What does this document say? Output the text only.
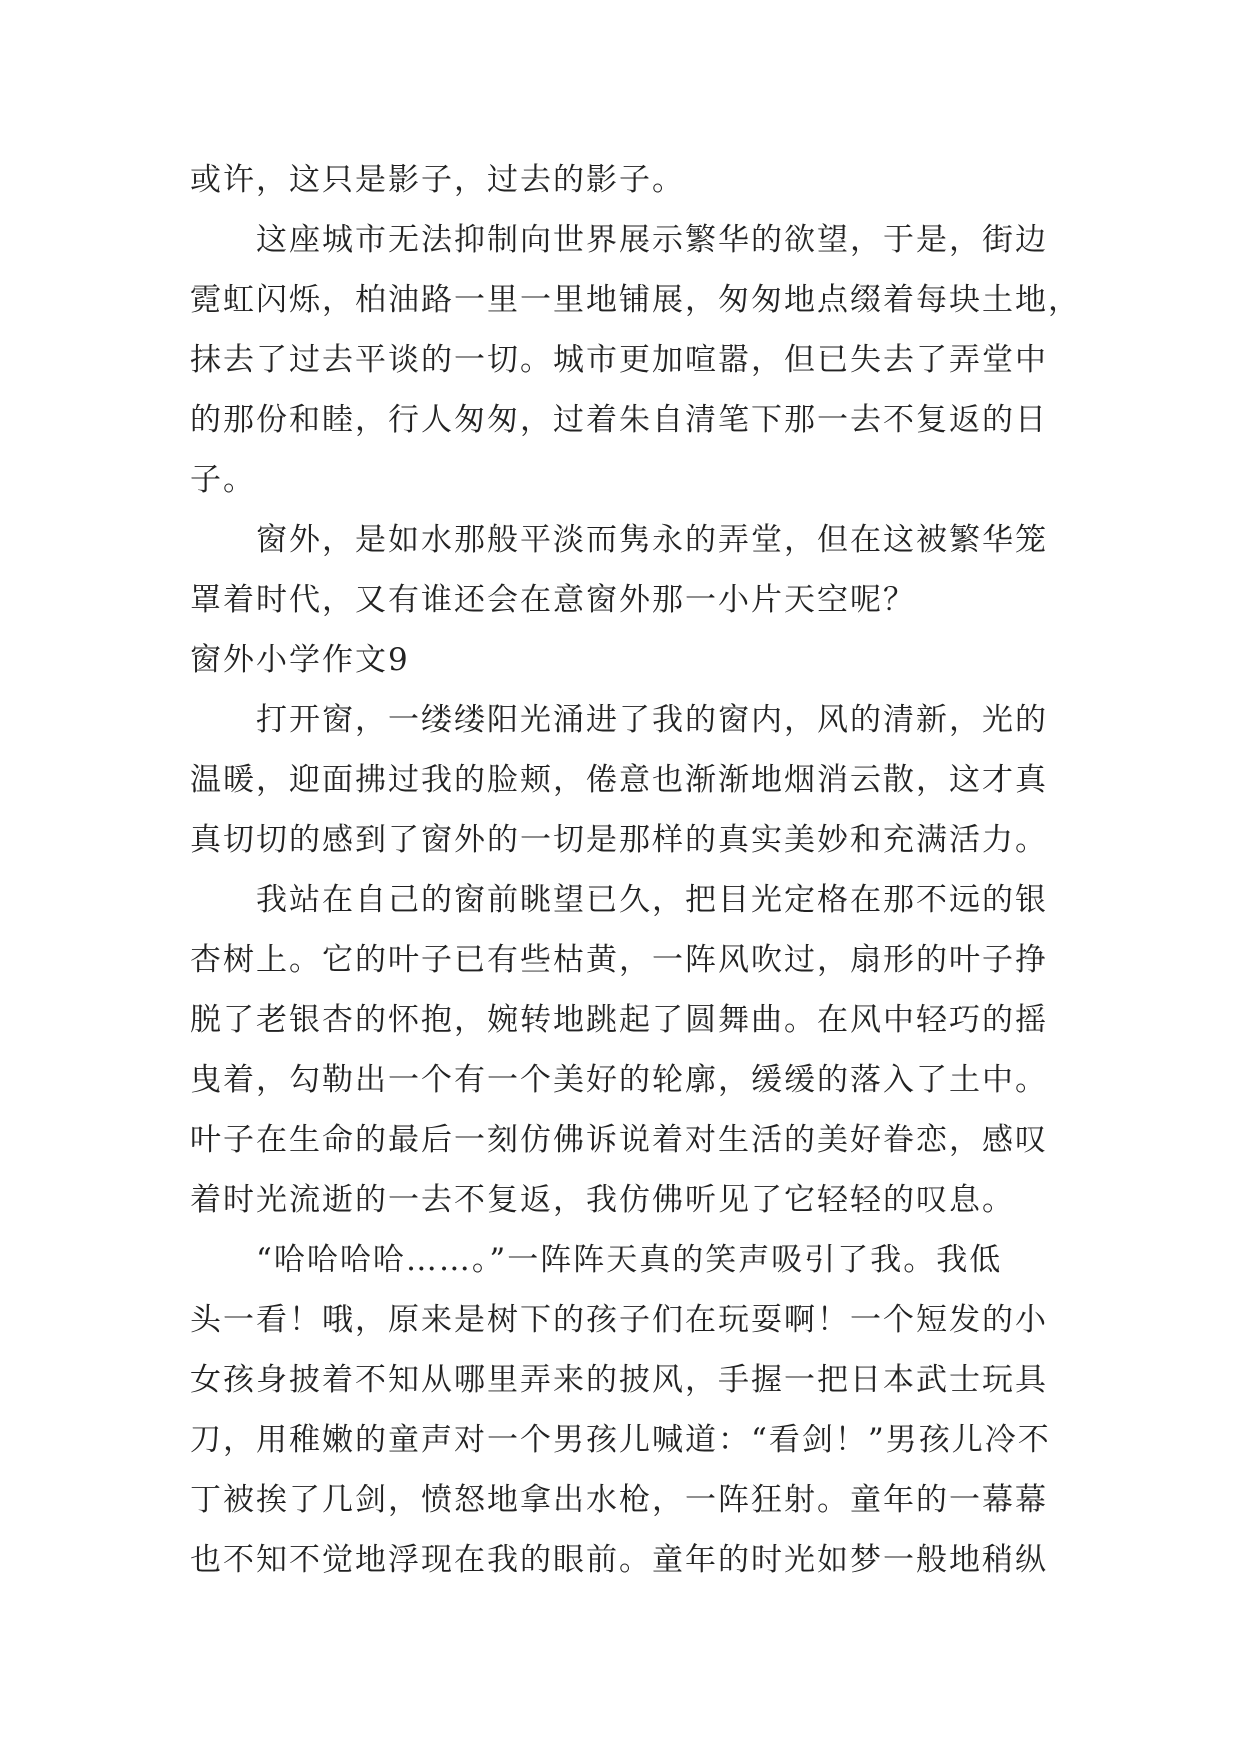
或许，这只是影子，过去的影子。
　　这座城市无法抑制向世界展示繁华的欲望，于是，街边
霓虹闪烁，柏油路一里一里地铺展，匆匆地点缀着每块土地，
抹去了过去平谈的一切。城市更加喧嚣，但已失去了弄堂中
的那份和睦，行人匆匆，过着朱自清笔下那一去不复返的日
子。
　　窗外，是如水那般平淡而隽永的弄堂，但在这被繁华笼
罩着时代，又有谁还会在意窗外那一小片天空呢？
窗外小学作文9
　　打开窗，一缕缕阳光涌进了我的窗内，风的清新，光的
温暖，迎面拂过我的脸颊，倦意也渐渐地烟消云散，这才真
真切切的感到了窗外的一切是那样的真实美妙和充满活力。
　　我站在自己的窗前眺望已久，把目光定格在那不远的银
杏树上。它的叶子已有些枯黄，一阵风吹过，扇形的叶子挣
脱了老银杏的怀抱，婉转地跳起了圆舞曲。在风中轻巧的摇
曳着，勾勒出一个有一个美好的轮廓，缓缓的落入了土中。
叶子在生命的最后一刻仿佛诉说着对生活的美好眷恋，感叹
着时光流逝的一去不复返，我仿佛听见了它轻轻的叹息。
　　“哈哈哈哈……。”一阵阵天真的笑声吸引了我。我低
头一看！哦，原来是树下的孩子们在玩耍啊！一个短发的小
女孩身披着不知从哪里弄来的披风，手握一把日本武士玩具
刀，用稚嫩的童声对一个男孩儿喊道：“看剑！”男孩儿冷不
丁被挨了几剑，愤怒地拿出水枪，一阵狂射。童年的一幕幕
也不知不觉地浮现在我的眼前。童年的时光如梦一般地稍纵
